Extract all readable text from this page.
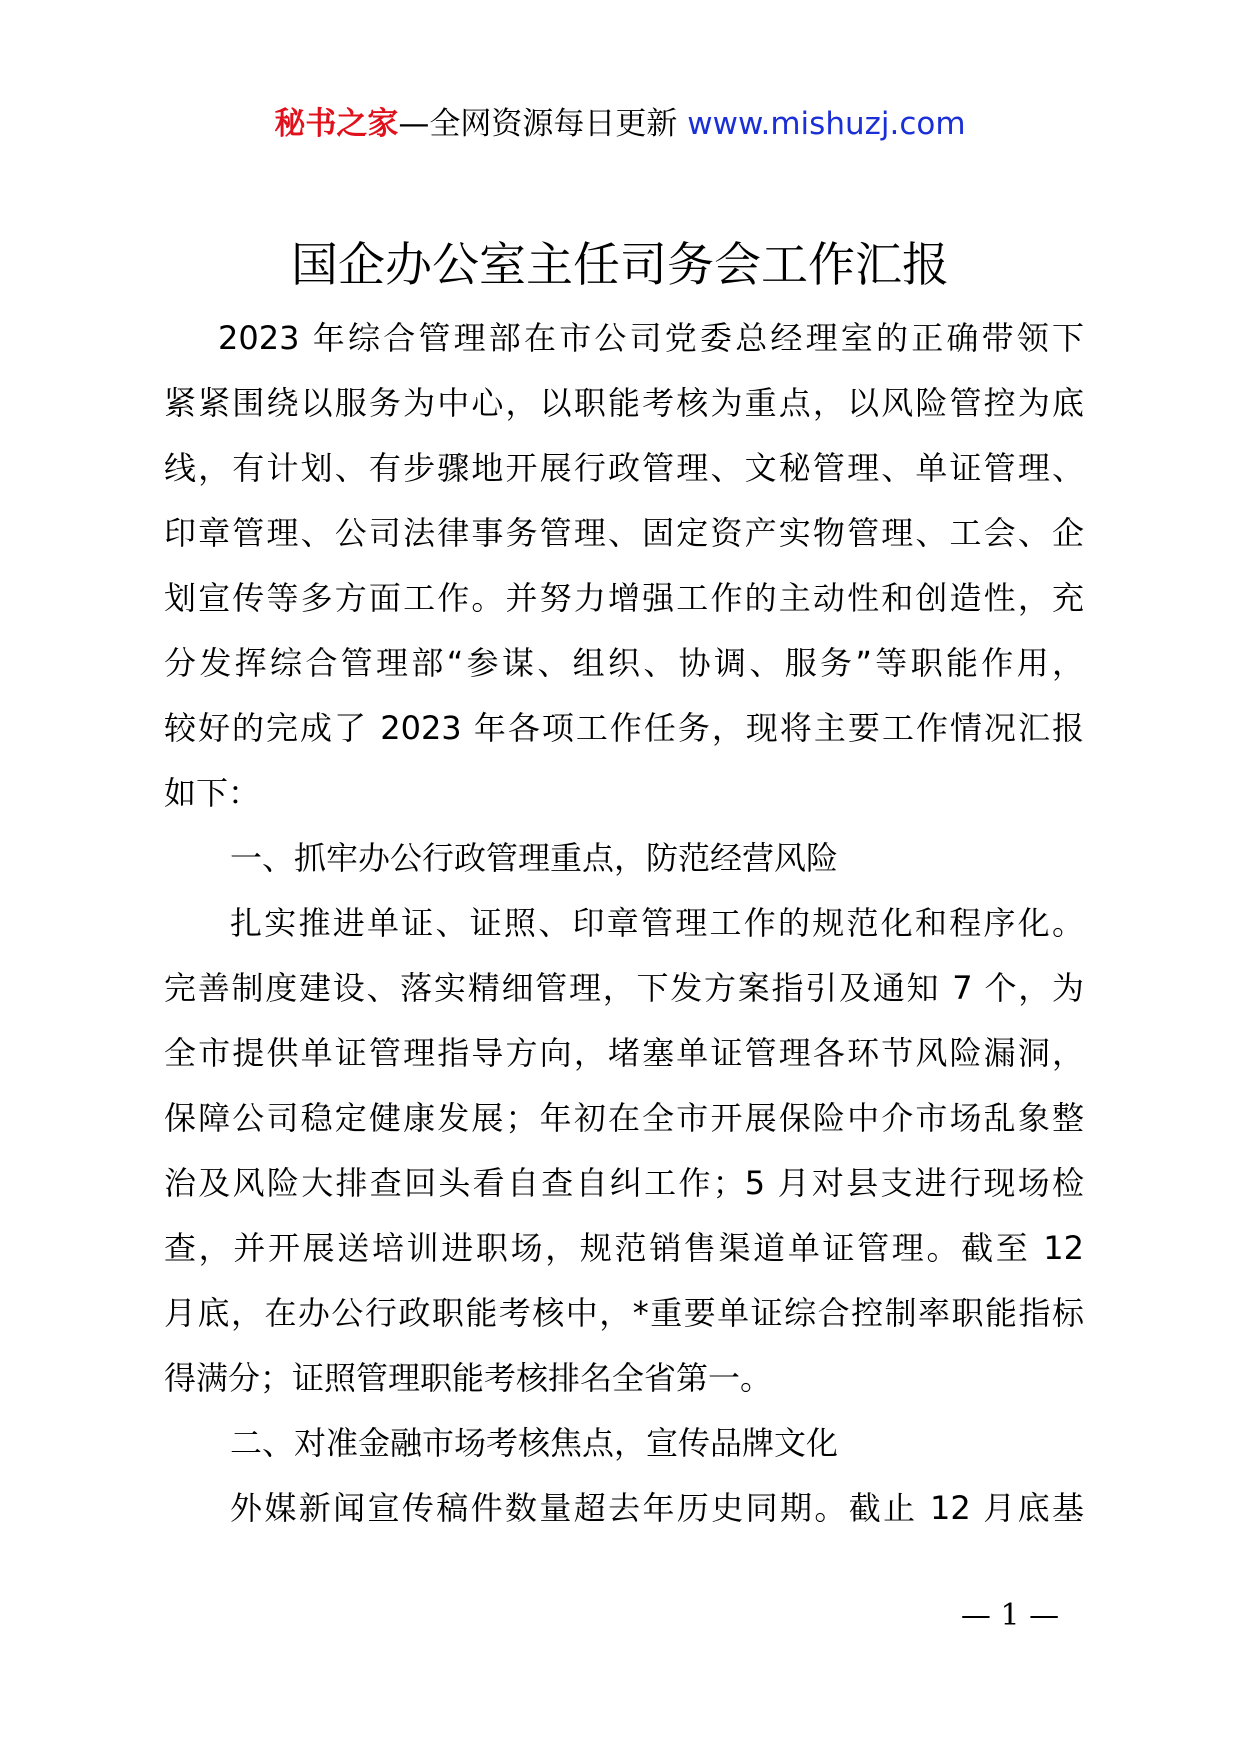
秘书之家—全网资源每日更新 www.mishuzj.com
国企办公室主任司务会工作汇报
2023 年综合管理部在市公司党委总经理室的正确带领下
紧紧围绕以服务为中心，以职能考核为重点，以风险管控为底
线，有计划、有步骤地开展行政管理、文秘管理、单证管理、
印章管理、公司法律事务管理、固定资产实物管理、工会、企
划宣传等多方面工作。并努力增强工作的主动性和创造性，充
分发挥综合管理部“参谋、组织、协调、服务”等职能作用，
较好的完成了 2023 年各项工作任务，现将主要工作情况汇报
如下：
一、抓牢办公行政管理重点，防范经营风险
扎实推进单证、证照、印章管理工作的规范化和程序化。
完善制度建设、落实精细管理，下发方案指引及通知 7 个，为
全市提供单证管理指导方向，堵塞单证管理各环节风险漏洞，
保障公司稳定健康发展；年初在全市开展保险中介市场乱象整
治及风险大排查回头看自查自纠工作；5 月对县支进行现场检
查，并开展送培训进职场，规范销售渠道单证管理。截至 12
月底，在办公行政职能考核中，*重要单证综合控制率职能指标
得满分；证照管理职能考核排名全省第一。
二、对准金融市场考核焦点，宣传品牌文化
外媒新闻宣传稿件数量超去年历史同期。截止 12 月底基
— 1 —
